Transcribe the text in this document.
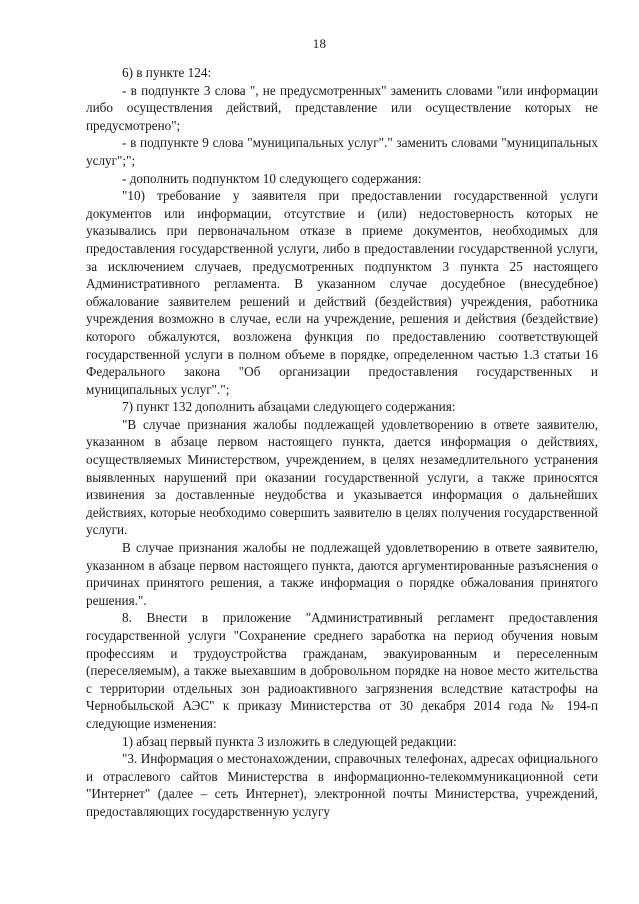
18

6) в пункте 124:

- в подпункте 3 слова ", не предусмотренных" заменить словами "или информации либо осуществления действий, представление или осуществление которых не предусмотрено";

- в подпункте 9 слова "муниципальных услуг"." заменить словами "муниципальных услуг";";

- дополнить подпунктом 10 следующего содержания:

"10) требование у заявителя при предоставлении государственной услуги документов или информации, отсутствие и (или) недостоверность которых не указывались при первоначальном отказе в приеме документов, необходимых для предоставления государственной услуги, либо в предоставлении государственной услуги, за исключением случаев, предусмотренных подпунктом 3 пункта 25 настоящего Административного регламента. В указанном случае досудебное (внесудебное) обжалование заявителем решений и действий (бездействия) учреждения, работника учреждения возможно в случае, если на учреждение, решения и действия (бездействие) которого обжалуются, возложена функция по предоставлению соответствующей государственной услуги в полном объеме в порядке, определенном частью 1.3 статьи 16 Федерального закона "Об организации предоставления государственных и муниципальных услуг".";

7) пункт 132 дополнить абзацами следующего содержания:

"В случае признания жалобы подлежащей удовлетворению в ответе заявителю, указанном в абзаце первом настоящего пункта, дается информация о действиях, осуществляемых Министерством, учреждением, в целях незамедлительного устранения выявленных нарушений при оказании государственной услуги, а также приносятся извинения за доставленные неудобства и указывается информация о дальнейших действиях, которые необходимо совершить заявителю в целях получения государственной услуги.

В случае признания жалобы не подлежащей удовлетворению в ответе заявителю, указанном в абзаце первом настоящего пункта, даются аргументированные разъяснения о причинах принятого решения, а также информация о порядке обжалования принятого решения.".

8. Внести в приложение "Административный регламент предоставления государственной услуги "Сохранение среднего заработка на период обучения новым профессиям и трудоустройства гражданам, эвакуированным и переселенным (переселяемым), а также выехавшим в добровольном порядке на новое место жительства с территории отдельных зон радиоактивного загрязнения вследствие катастрофы на Чернобыльской АЭС" к приказу Министерства от 30 декабря 2014 года № 194-п следующие изменения:

1) абзац первый пункта 3 изложить в следующей редакции:

"3. Информация о местонахождении, справочных телефонах, адресах официального и отраслевого сайтов Министерства в информационно-телекоммуникационной сети "Интернет" (далее – сеть Интернет), электронной почты Министерства, учреждений, предоставляющих государственную услугу
